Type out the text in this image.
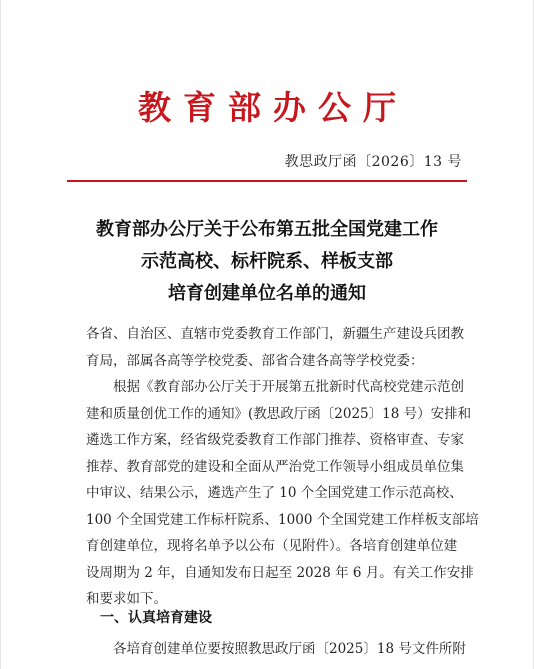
教育部办公厅
教思政厅函〔2026〕13 号
教育部办公厅关于公布第五批全国党建工作
示范高校、标杆院系、样板支部
培育创建单位名单的通知
各省、自治区、直辖市党委教育工作部门，新疆生产建设兵团教
育局，部属各高等学校党委、部省合建各高等学校党委：
　　根据《教育部办公厅关于开展第五批新时代高校党建示范创
建和质量创优工作的通知》(教思政厅函〔2025〕18 号）安排和
遴选工作方案，经省级党委教育工作部门推荐、资格审查、专家
推荐、教育部党的建设和全面从严治党工作领导小组成员单位集
中审议、结果公示，遴选产生了 10 个全国党建工作示范高校、
100 个全国党建工作标杆院系、1000 个全国党建工作样板支部培
育创建单位，现将名单予以公布（见附件）。各培育创建单位建
设周期为 2 年，自通知发布日起至 2028 年 6 月。有关工作安排
和要求如下。
　一、认真培育建设
　　各培育创建单位要按照教思政厅函〔2025〕18 号文件所附
